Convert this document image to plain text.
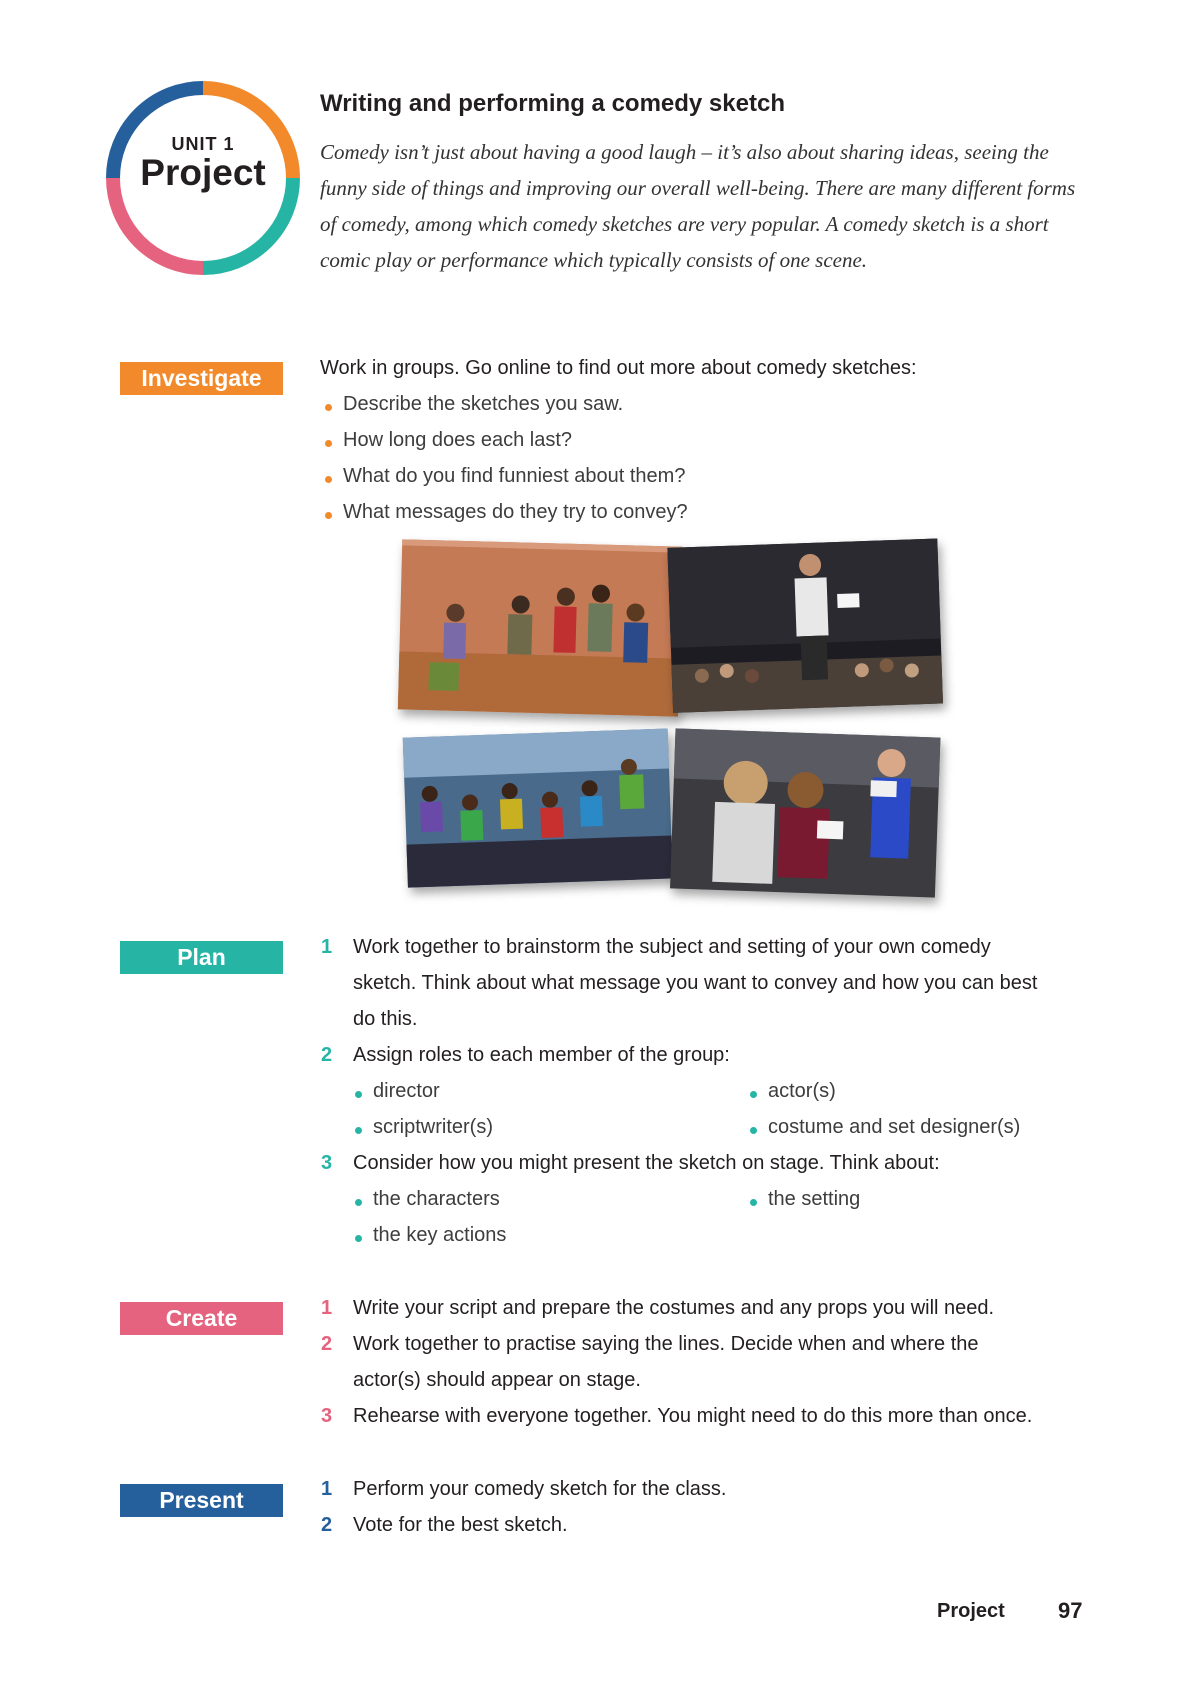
UNIT 1
Project
Writing and performing a comedy sketch

Comedy isn’t just about having a good laugh – it’s also about sharing ideas, seeing the funny side of things and improving our overall well-being. There are many different forms of comedy, among which comedy sketches are very popular. A comedy sketch is a short comic play or performance which typically consists of one scene.

Investigate	Work in groups. Go online to find out more about comedy sketches:
Describe the sketches you saw.
How long does each last?
What do you find funniest about them?
What messages do they try to convey?
Plan	1 Work together to brainstorm the subject and setting of your own comedy
sketch. Think about what message you want to convey and how you can best
do this.
2 Assign roles to each member of the group:
director	actor(s)
scriptwriter(s)	costume and set designer(s)
3 Consider how you might present the sketch on stage. Think about:
the characters	the setting
the key actions
Create	1 Write your script and prepare the costumes and any props you will need.
2 Work together to practise saying the lines. Decide when and where the
actor(s) should appear on stage.
3 Rehearse with everyone together. You might need to do this more than once.
Present	1 Perform your comedy sketch for the class.
2 Vote for the best sketch.
Project 97
